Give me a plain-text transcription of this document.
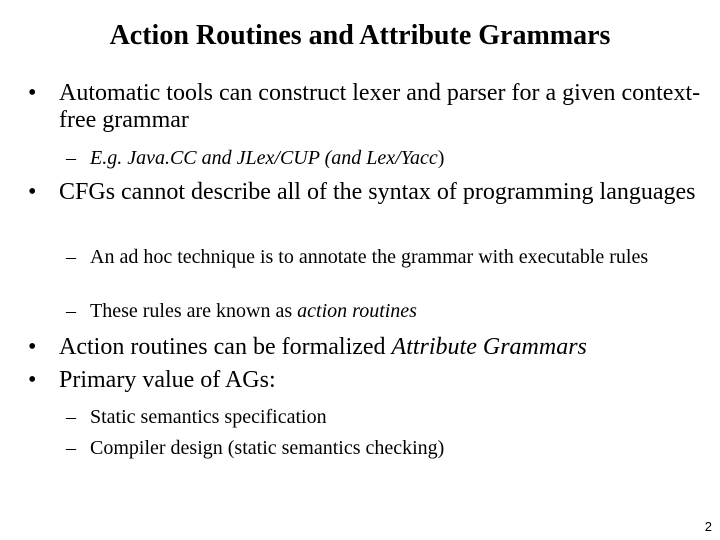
Action Routines and Attribute Grammars
• Automatic tools can construct lexer and parser for a given context-free grammar
– E.g. Java.CC and JLex/CUP (and Lex/Yacc)
• CFGs cannot describe all of the syntax of programming languages
– An ad hoc technique is to annotate the grammar with executable rules
– These rules are known as action routines
• Action routines can be formalized Attribute Grammars
• Primary value of AGs:
– Static semantics specification
– Compiler design (static semantics checking)
2
